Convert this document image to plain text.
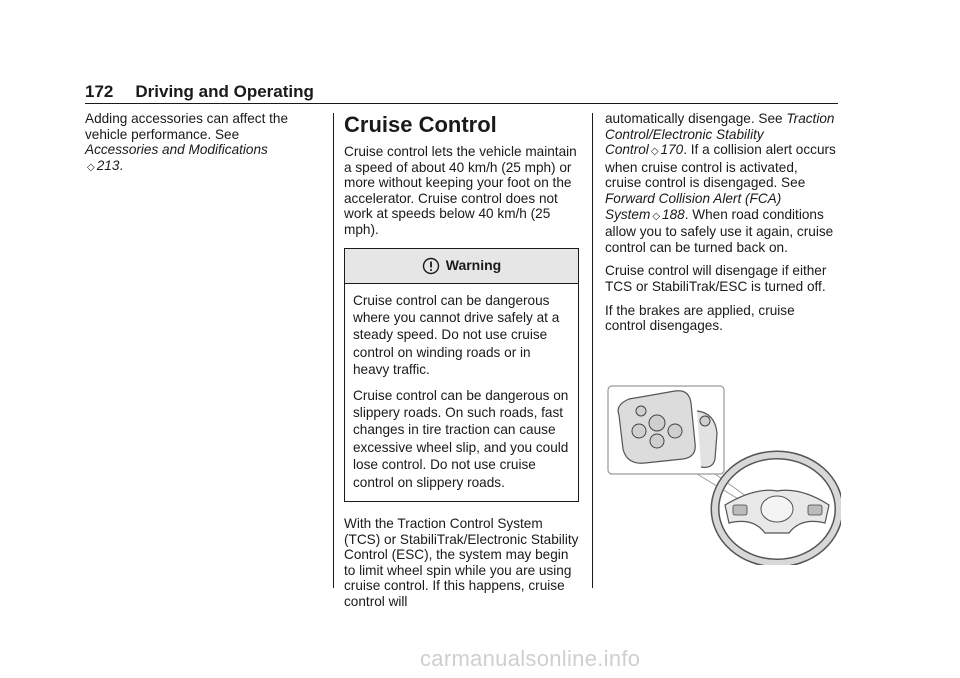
172 Driving and Operating

Adding accessories can affect the vehicle performance. See Accessories and Modifications
◇ 213.

Cruise Control

Cruise control lets the vehicle maintain a speed of about 40 km/h (25 mph) or more without keeping your foot on the accelerator. Cruise control does not work at speeds below 40 km/h (25 mph).

Warning

Cruise control can be dangerous where you cannot drive safely at a steady speed. Do not use cruise control on winding roads or in heavy traffic.

Cruise control can be dangerous on slippery roads. On such roads, fast changes in tire traction can cause excessive wheel slip, and you could lose control. Do not use cruise control on slippery roads.

With the Traction Control System (TCS) or StabiliTrak/Electronic Stability Control (ESC), the system may begin to limit wheel spin while you are using cruise control. If this happens, cruise control will

automatically disengage. See Traction Control/Electronic Stability Control ◇ 170. If a collision alert occurs when cruise control is activated, cruise control is disengaged. See Forward Collision Alert (FCA) System ◇ 188. When road conditions allow you to safely use it again, cruise control can be turned back on.

Cruise control will disengage if either TCS or StabiliTrak/ESC is turned off.

If the brakes are applied, cruise control disengages.

carmanualsonline.info
